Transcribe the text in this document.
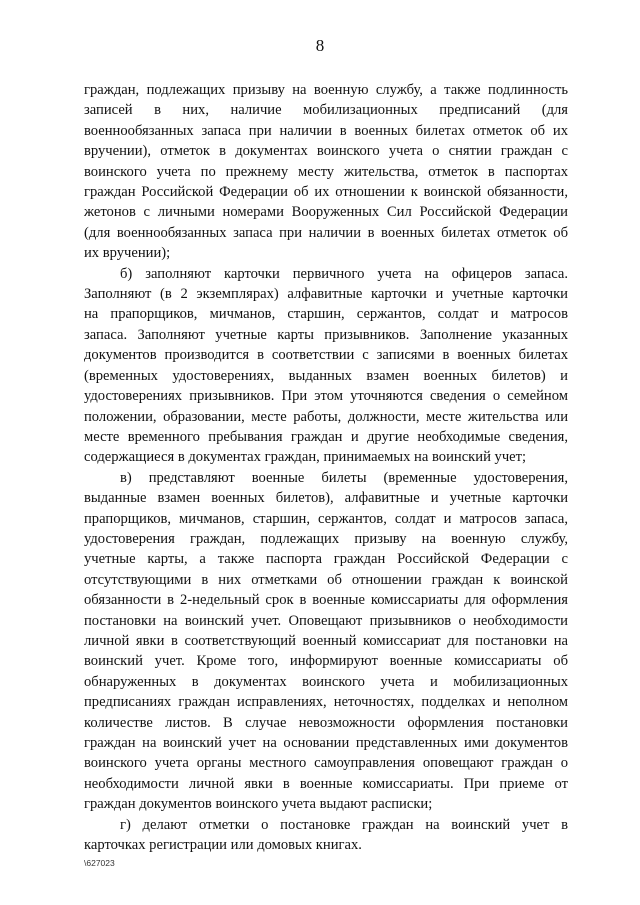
8
граждан, подлежащих призыву на военную службу, а также подлинность
записей в них, наличие мобилизационных предписаний (для
военнообязанных запаса при наличии в военных билетах отметок об их
вручении), отметок в документах воинского учета о снятии граждан с
воинского учета по прежнему месту жительства, отметок в паспортах
граждан Российской Федерации об их отношении к воинской обязанности,
жетонов с личными номерами Вооруженных Сил Российской Федерации
(для военнообязанных запаса при наличии в военных билетах отметок об
их вручении);
б) заполняют карточки первичного учета на офицеров запаса.
Заполняют (в 2 экземплярах) алфавитные карточки и учетные карточки
на прапорщиков, мичманов, старшин, сержантов, солдат и матросов
запаса. Заполняют учетные карты призывников. Заполнение указанных
документов производится в соответствии с записями в военных билетах
(временных удостоверениях, выданных взамен военных билетов) и
удостоверениях призывников. При этом уточняются сведения о семейном
положении, образовании, месте работы, должности, месте жительства или
месте временного пребывания граждан и другие необходимые сведения,
содержащиеся в документах граждан, принимаемых на воинский учет;
в) представляют военные билеты (временные удостоверения,
выданные взамен военных билетов), алфавитные и учетные карточки
прапорщиков, мичманов, старшин, сержантов, солдат и матросов запаса,
удостоверения граждан, подлежащих призыву на военную службу,
учетные карты, а также паспорта граждан Российской Федерации с
отсутствующими в них отметками об отношении граждан к воинской
обязанности в 2-недельный срок в военные комиссариаты для оформления
постановки на воинский учет. Оповещают призывников о необходимости
личной явки в соответствующий военный комиссариат для постановки на
воинский учет. Кроме того, информируют военные комиссариаты об
обнаруженных в документах воинского учета и мобилизационных
предписаниях граждан исправлениях, неточностях, подделках и неполном
количестве листов. В случае невозможности оформления постановки
граждан на воинский учет на основании представленных ими документов
воинского учета органы местного самоуправления оповещают граждан о
необходимости личной явки в военные комиссариаты. При приеме от
граждан документов воинского учета выдают расписки;
г) делают отметки о постановке граждан на воинский учет в
карточках регистрации или домовых книгах.
\627023
